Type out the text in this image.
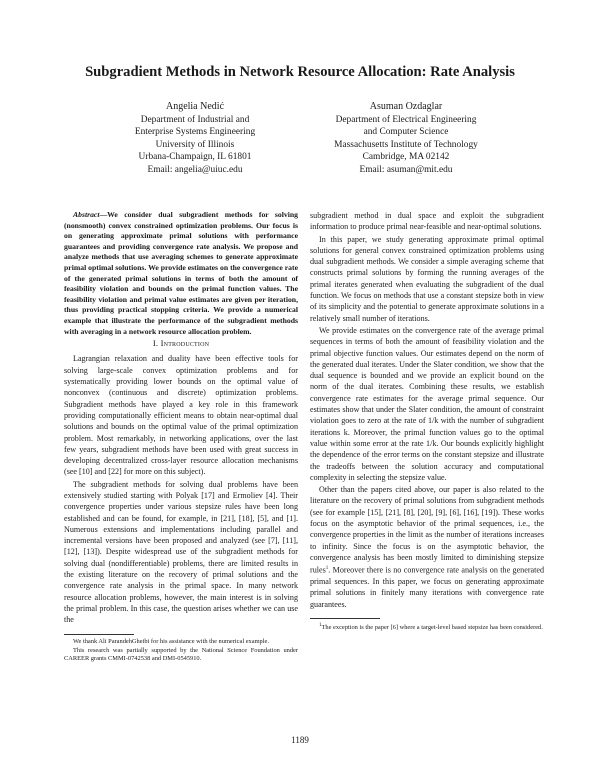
Subgradient Methods in Network Resource Allocation: Rate Analysis
Angelia Nedić
Department of Industrial and
Enterprise Systems Engineering
University of Illinois
Urbana-Champaign, IL 61801
Email: angelia@uiuc.edu
Asuman Ozdaglar
Department of Electrical Engineering
and Computer Science
Massachusetts Institute of Technology
Cambridge, MA 02142
Email: asuman@mit.edu

Abstract—We consider dual subgradient methods for solving (nonsmooth) convex constrained optimization problems. Our focus is on generating approximate primal solutions with performance guarantees and providing convergence rate analysis. We propose and analyze methods that use averaging schemes to generate approximate primal optimal solutions. We provide estimates on the convergence rate of the generated primal solutions in terms of both the amount of feasibility violation and bounds on the primal function values. The feasibility violation and primal value estimates are given per iteration, thus providing practical stopping criteria. We provide a numerical example that illustrate the performance of the subgradient methods with averaging in a network resource allocation problem.

I. Introduction

Lagrangian relaxation and duality have been effective tools for solving large-scale convex optimization problems and for systematically providing lower bounds on the optimal value of nonconvex (continuous and discrete) optimization problems. Subgradient methods have played a key role in this framework providing computationally efficient means to obtain near-optimal dual solutions and bounds on the optimal value of the primal optimization problem. Most remarkably, in networking applications, over the last few years, subgradient methods have been used with great success in developing decentralized cross-layer resource allocation mechanisms (see [10] and [22] for more on this subject).

The subgradient methods for solving dual problems have been extensively studied starting with Polyak [17] and Ermoliev [4]. Their convergence properties under various stepsize rules have been long established and can be found, for example, in [21], [18], [5], and [1]. Numerous extensions and implementations including parallel and incremental versions have been proposed and analyzed (see [7], [11], [12], [13]). Despite widespread use of the subgradient methods for solving dual (nondifferentiable) problems, there are limited results in the existing literature on the recovery of primal solutions and the convergence rate analysis in the primal space. In many network resource allocation problems, however, the main interest is in solving the primal problem. In this case, the question arises whether we can use the

We thank Ali ParandehGheibi for his assistance with the numerical example.

This research was partially supported by the National Science Foundation under CAREER grants CMMI-0742538 and DMI-0545910.

subgradient method in dual space and exploit the subgradient information to produce primal near-feasible and near-optimal solutions.

In this paper, we study generating approximate primal optimal solutions for general convex constrained optimization problems using dual subgradient methods. We consider a simple averaging scheme that constructs primal solutions by forming the running averages of the primal iterates generated when evaluating the subgradient of the dual function. We focus on methods that use a constant stepsize both in view of its simplicity and the potential to generate approximate solutions in a relatively small number of iterations.

We provide estimates on the convergence rate of the average primal sequences in terms of both the amount of feasibility violation and the primal objective function values. Our estimates depend on the norm of the generated dual iterates. Under the Slater condition, we show that the dual sequence is bounded and we provide an explicit bound on the norm of the dual iterates. Combining these results, we establish convergence rate estimates for the average primal sequence. Our estimates show that under the Slater condition, the amount of constraint violation goes to zero at the rate of 1/k with the number of subgradient iterations k. Moreover, the primal function values go to the optimal value within some error at the rate 1/k. Our bounds explicitly highlight the dependence of the error terms on the constant stepsize and illustrate the tradeoffs between the solution accuracy and computational complexity in selecting the stepsize value.

Other than the papers cited above, our paper is also related to the literature on the recovery of primal solutions from subgradient methods (see for example [15], [21], [8], [20], [9], [6], [16], [19]). These works focus on the asymptotic behavior of the primal sequences, i.e., the convergence properties in the limit as the number of iterations increases to infinity. Since the focus is on the asymptotic behavior, the convergence analysis has been mostly limited to diminishing stepsize rules$^1$. Moreover there is no convergence rate analysis on the generated primal sequences. In this paper, we focus on generating approximate primal solutions in finitely many iterations with convergence rate guarantees.

$^1$The exception is the paper [6] where a target-level based stepsize has been considered.

1189
